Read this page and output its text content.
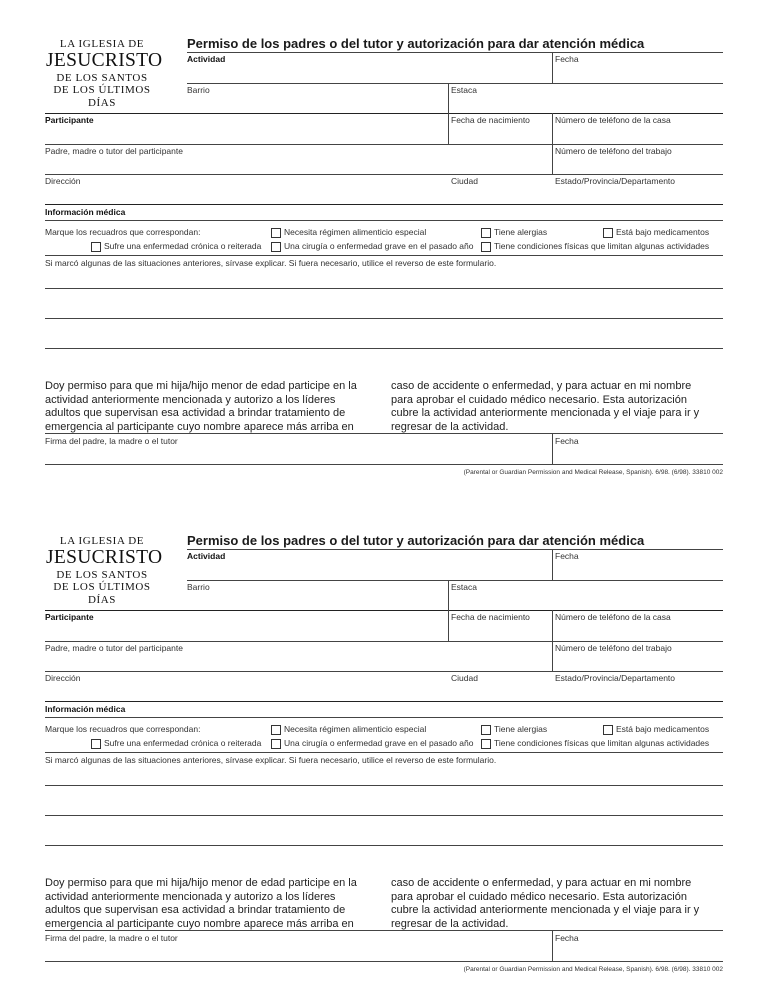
LA IGLESIA DE
JESUCRISTO
DE LOS SANTOS
DE LOS ÚLTIMOS DÍAS
Permiso de los padres o del tutor y autorización para dar atención médica
Actividad	Fecha
Barrio	Estaca
Participante	Fecha de nacimiento	Número de teléfono de la casa
Padre, madre o tutor del participante	Número de teléfono del trabajo
Dirección	Ciudad	Estado/Provincia/Departamento
Información médica
Marque los recuadros que correspondan:	Necesita régimen alimenticio especial	Tiene alergias	Está bajo medicamentos
Sufre una enfermedad crónica o reiterada	Una cirugía o enfermedad grave en el pasado año Tiene condiciones físicas que limitan algunas actividades
Si marcó algunas de las situaciones anteriores, sírvase explicar. Si fuera necesario, utilice el reverso de este formulario.
Doy permiso para que mi hija/hijo menor de edad participe en la actividad anteriormente mencionada y autorizo a los líderes adultos que supervisan esa actividad a brindar tratamiento de emergencia al participante cuyo nombre aparece más arriba en
caso de accidente o enfermedad, y para actuar en mi nombre para aprobar el cuidado médico necesario. Esta autorización cubre la actividad anteriormente mencionada y el viaje para ir y regresar de la actividad.
Firma del padre, la madre o el tutor	Fecha
(Parental or Guardian Permission and Medical Release, Spanish). 6/98. (6/98). 33810 002
LA IGLESIA DE
JESUCRISTO
DE LOS SANTOS
DE LOS ÚLTIMOS DÍAS
Permiso de los padres o del tutor y autorización para dar atención médica
Actividad	Fecha
Barrio	Estaca
Participante	Fecha de nacimiento	Número de teléfono de la casa
Padre, madre o tutor del participante	Número de teléfono del trabajo
Dirección	Ciudad	Estado/Provincia/Departamento
Información médica
Marque los recuadros que correspondan:	Necesita régimen alimenticio especial	Tiene alergias	Está bajo medicamentos
Sufre una enfermedad crónica o reiterada	Una cirugía o enfermedad grave en el pasado año Tiene condiciones físicas que limitan algunas actividades
Si marcó algunas de las situaciones anteriores, sírvase explicar. Si fuera necesario, utilice el reverso de este formulario.
Doy permiso para que mi hija/hijo menor de edad participe en la actividad anteriormente mencionada y autorizo a los líderes adultos que supervisan esa actividad a brindar tratamiento de emergencia al participante cuyo nombre aparece más arriba en
caso de accidente o enfermedad, y para actuar en mi nombre para aprobar el cuidado médico necesario. Esta autorización cubre la actividad anteriormente mencionada y el viaje para ir y regresar de la actividad.
Firma del padre, la madre o el tutor	Fecha
(Parental or Guardian Permission and Medical Release, Spanish). 6/98. (6/98). 33810 002
